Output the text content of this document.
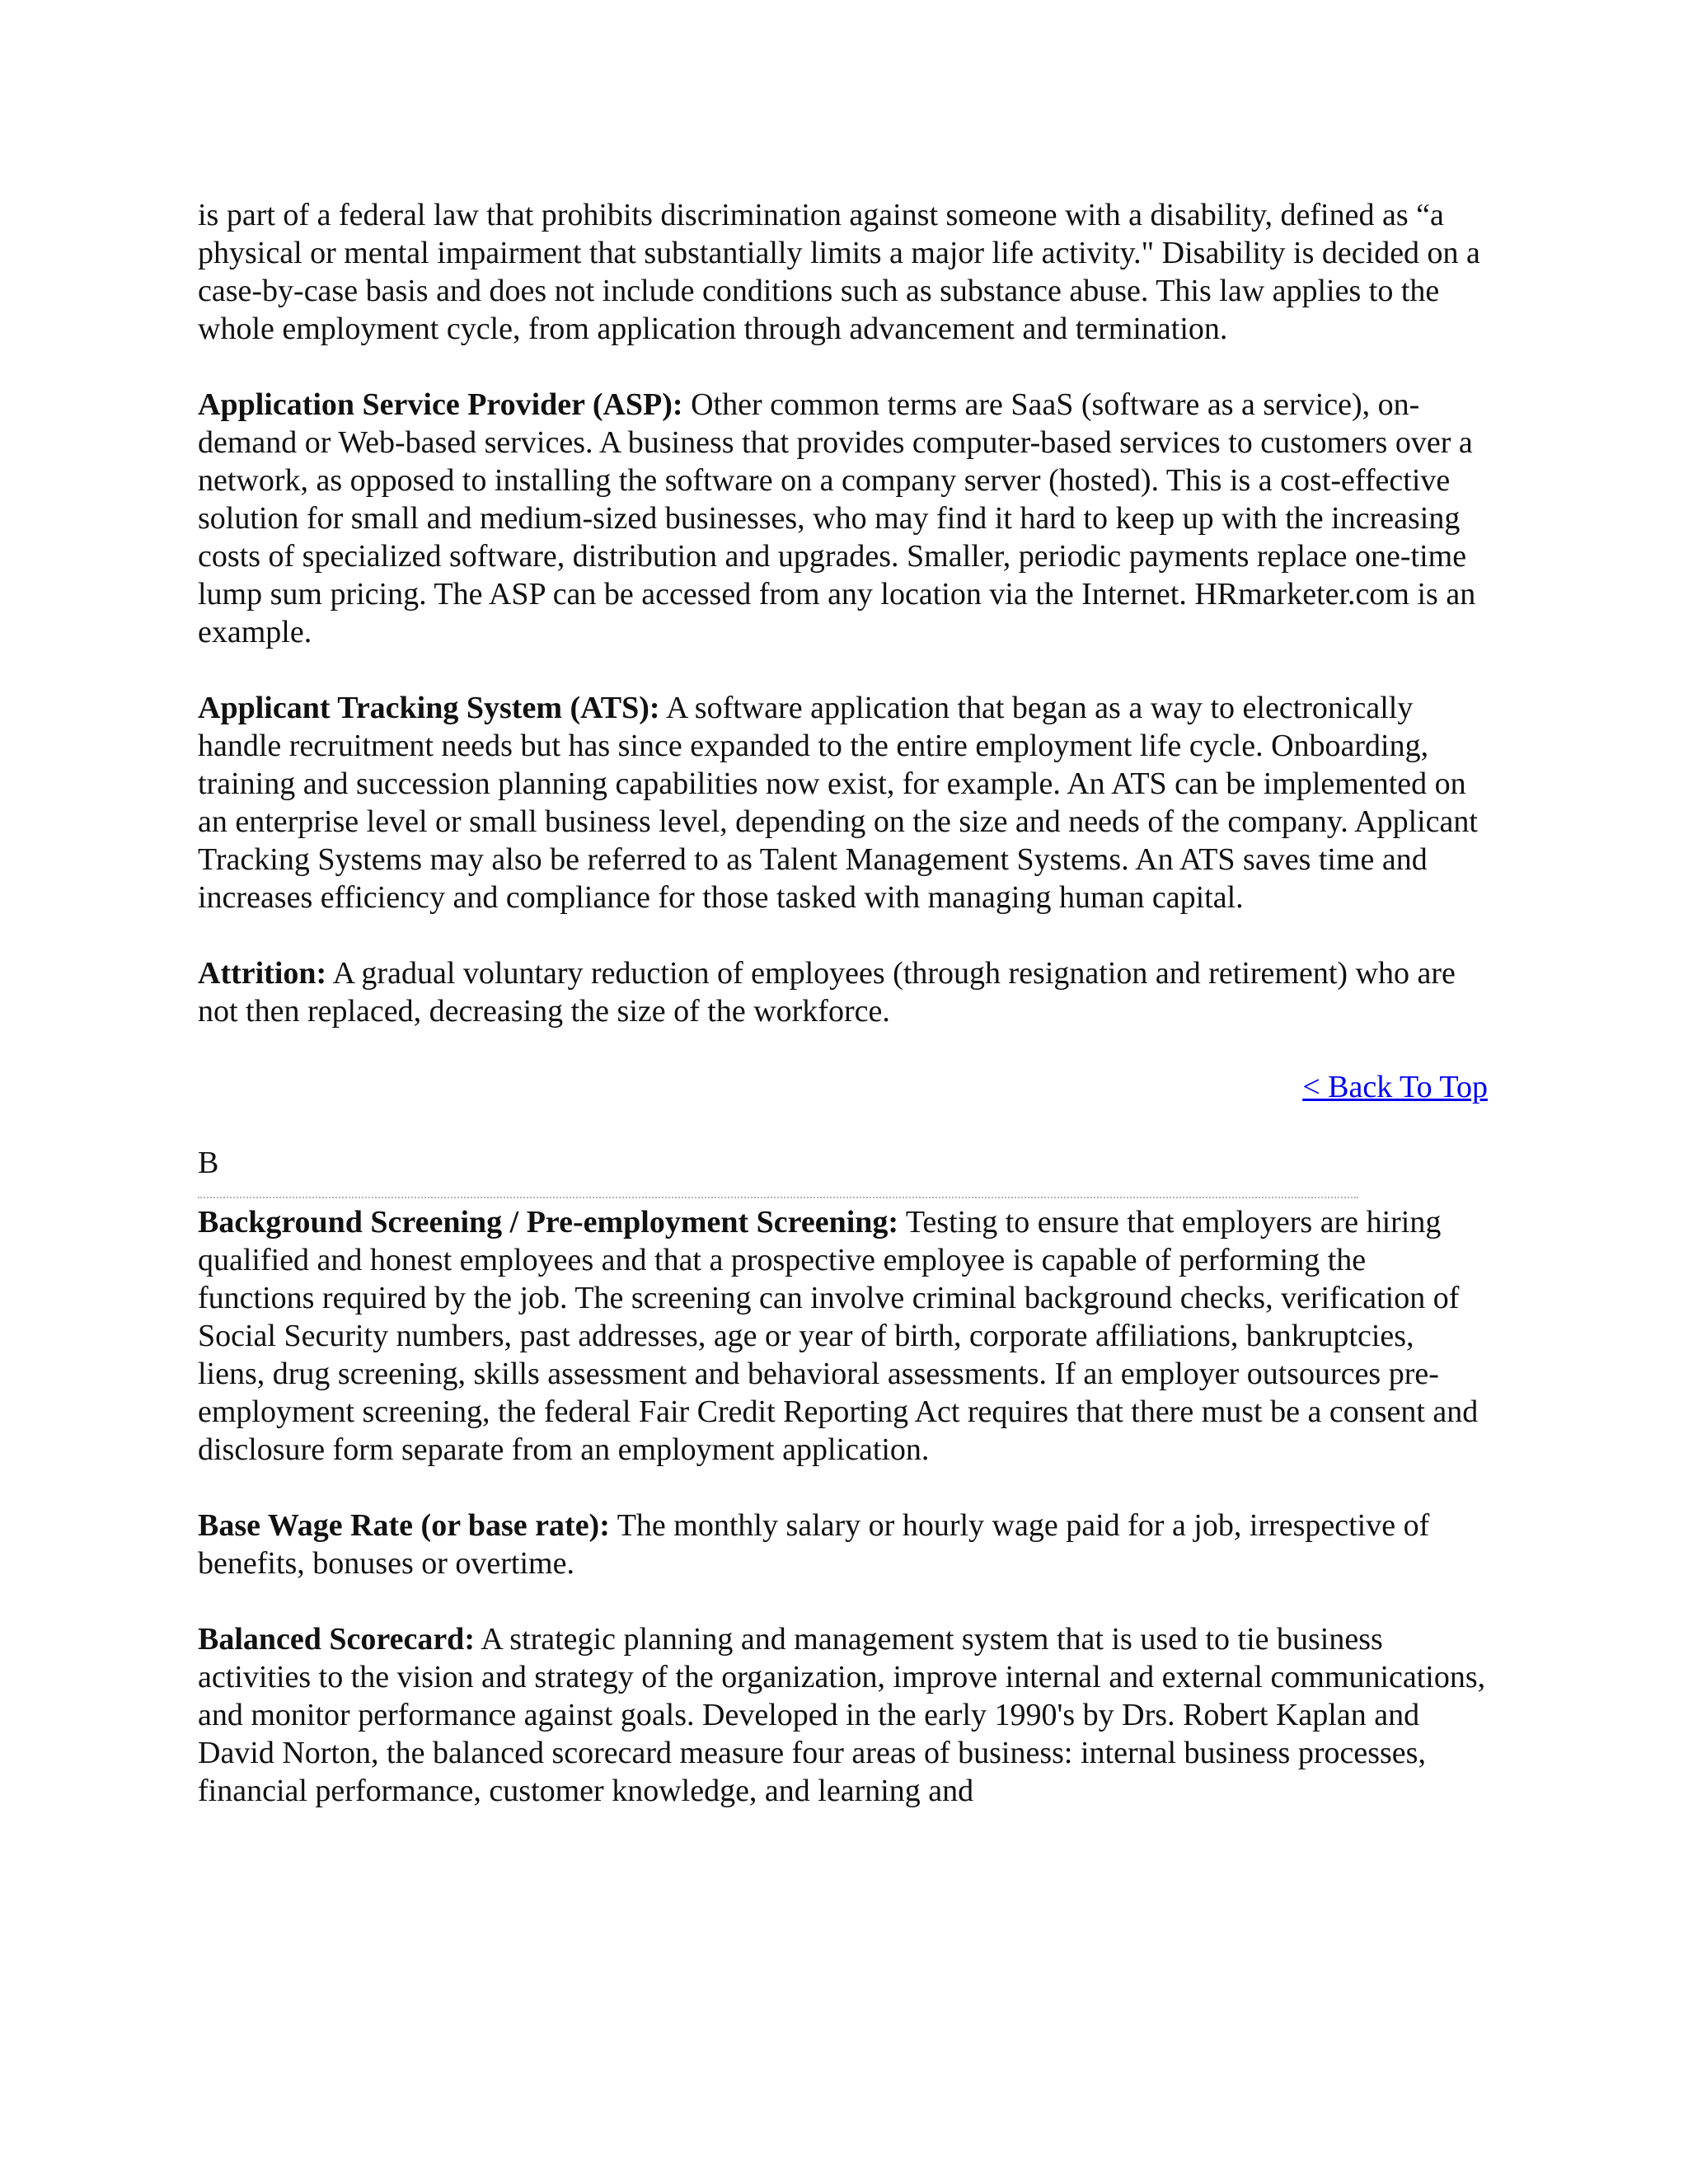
is part of a federal law that prohibits discrimination against someone with a disability, defined as “a physical or mental impairment that substantially limits a major life activity." Disability is decided on a case-by-case basis and does not include conditions such as substance abuse. This law applies to the whole employment cycle, from application through advancement and termination.

Application Service Provider (ASP): Other common terms are SaaS (software as a service), on-demand or Web-based services. A business that provides computer-based services to customers over a network, as opposed to installing the software on a company server (hosted). This is a cost-effective solution for small and medium-sized businesses, who may find it hard to keep up with the increasing costs of specialized software, distribution and upgrades. Smaller, periodic payments replace one-time lump sum pricing. The ASP can be accessed from any location via the Internet. HRmarketer.com is an example.

Applicant Tracking System (ATS): A software application that began as a way to electronically handle recruitment needs but has since expanded to the entire employment life cycle. Onboarding, training and succession planning capabilities now exist, for example. An ATS can be implemented on an enterprise level or small business level, depending on the size and needs of the company. Applicant Tracking Systems may also be referred to as Talent Management Systems. An ATS saves time and increases efficiency and compliance for those tasked with managing human capital.

Attrition: A gradual voluntary reduction of employees (through resignation and retirement) who are not then replaced, decreasing the size of the workforce.

< Back To Top
B

Background Screening / Pre-employment Screening: Testing to ensure that employers are hiring qualified and honest employees and that a prospective employee is capable of performing the functions required by the job. The screening can involve criminal background checks, verification of Social Security numbers, past addresses, age or year of birth, corporate affiliations, bankruptcies, liens, drug screening, skills assessment and behavioral assessments. If an employer outsources pre-employment screening, the federal Fair Credit Reporting Act requires that there must be a consent and disclosure form separate from an employment application.

Base Wage Rate (or base rate): The monthly salary or hourly wage paid for a job, irrespective of benefits, bonuses or overtime.

Balanced Scorecard: A strategic planning and management system that is used to tie business activities to the vision and strategy of the organization, improve internal and external communications, and monitor performance against goals. Developed in the early 1990's by Drs. Robert Kaplan and David Norton, the balanced scorecard measure four areas of business: internal business processes, financial performance, customer knowledge, and learning and
